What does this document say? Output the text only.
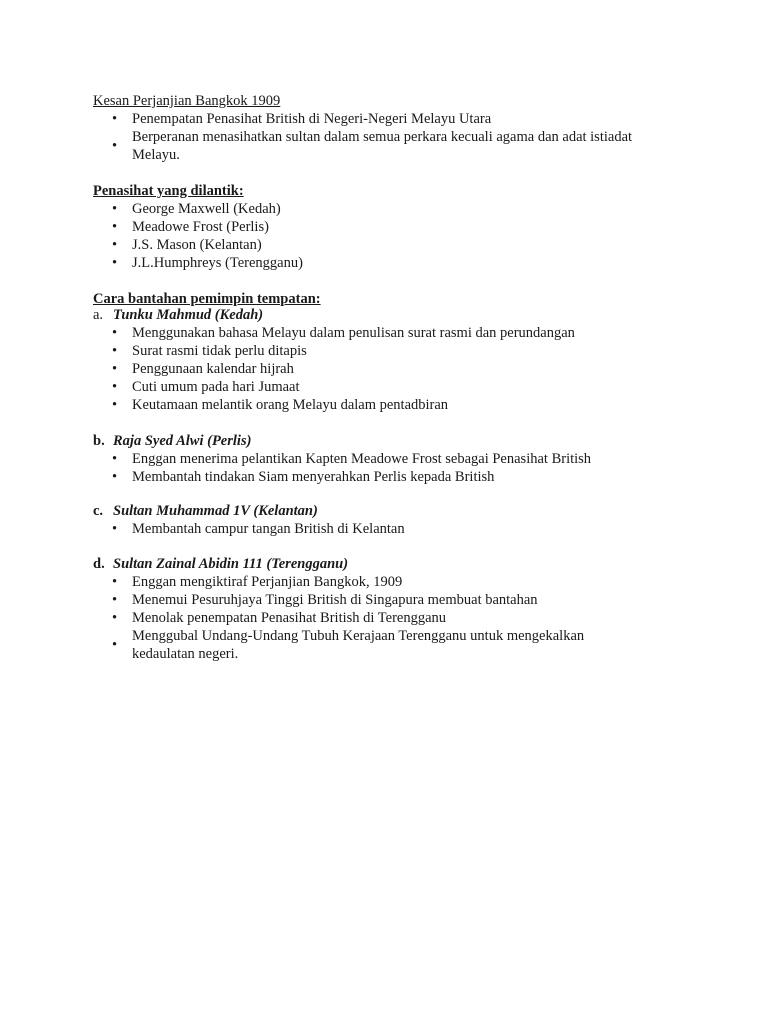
Kesan Perjanjian Bangkok 1909
• Penempatan Penasihat British di Negeri-Negeri Melayu Utara
•
Berperanan menasihatkan sultan dalam semua perkara kecuali agama dan adat istiadat Melayu.
Penasihat yang dilantik:
• George Maxwell (Kedah)
• Meadowe Frost (Perlis)
• J.S. Mason (Kelantan)
• J.L.Humphreys (Terengganu)
Cara bantahan pemimpin tempatan:
a. Tunku Mahmud (Kedah)
• Menggunakan bahasa Melayu dalam penulisan surat rasmi dan perundangan
• Surat rasmi tidak perlu ditapis
• Penggunaan kalendar hijrah
• Cuti umum pada hari Jumaat
• Keutamaan melantik orang Melayu dalam pentadbiran
b. Raja Syed Alwi (Perlis)
• Enggan menerima pelantikan Kapten Meadowe Frost sebagai Penasihat British
• Membantah tindakan Siam menyerahkan Perlis kepada British
c. Sultan Muhammad 1V (Kelantan)
• Membantah campur tangan British di Kelantan
d. Sultan Zainal Abidin 111 (Terengganu)
• Enggan mengiktiraf Perjanjian Bangkok, 1909
• Menemui Pesuruhjaya Tinggi British di Singapura membuat bantahan
• Menolak penempatan Penasihat British di Terengganu
•
Menggubal Undang-Undang Tubuh Kerajaan Terengganu untuk mengekalkan kedaulatan negeri.
